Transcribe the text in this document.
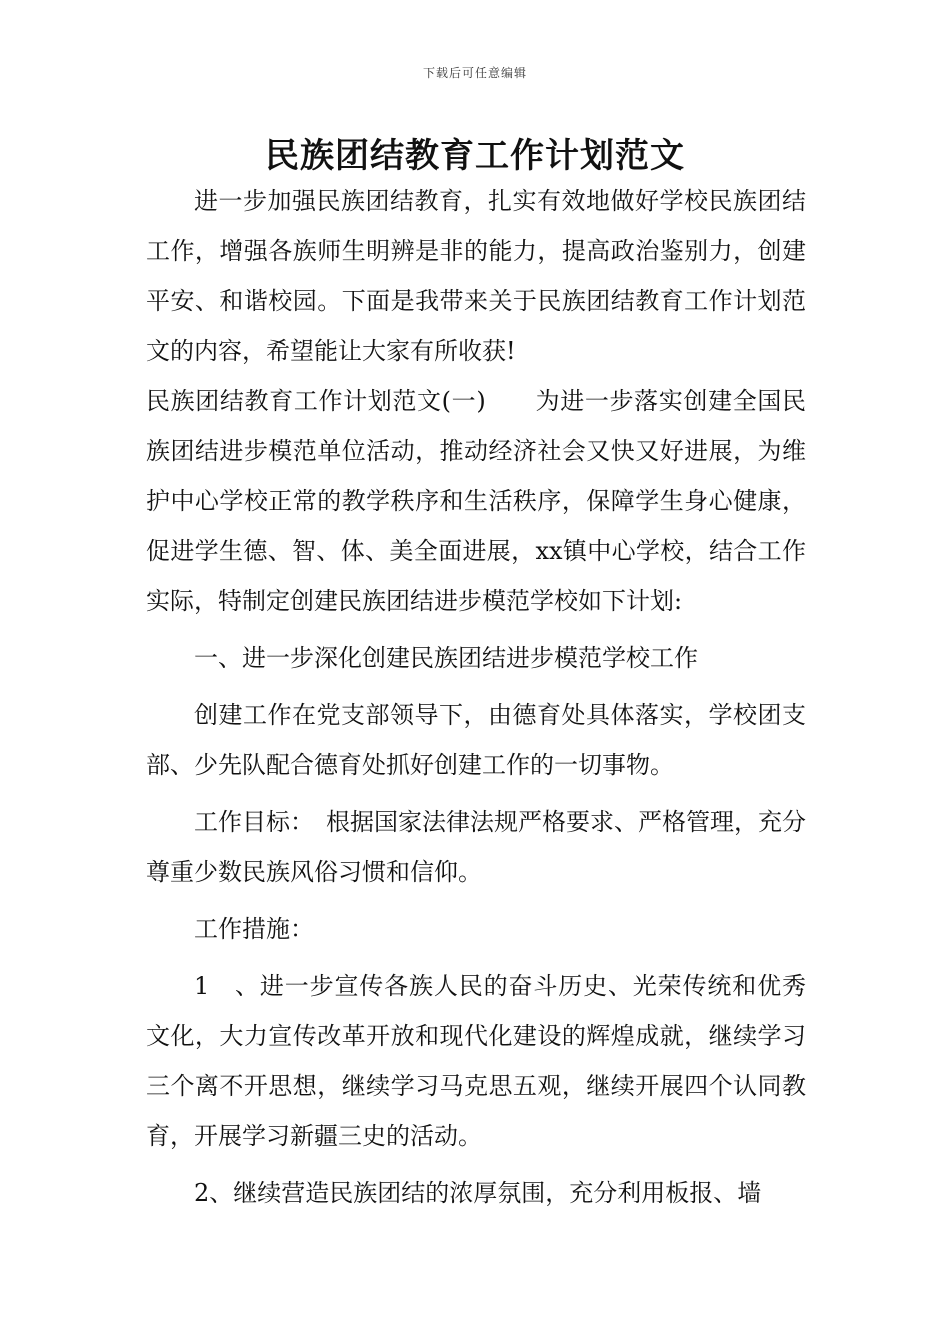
下载后可任意编辑
民族团结教育工作计划范文

进一步加强民族团结教育，扎实有效地做好学校民族团结工作，增强各族师生明辨是非的能力，提高政治鉴别力，创建平安、和谐校园。下面是我带来关于民族团结教育工作计划范文的内容，希望能让大家有所收获!

民族团结教育工作计划范文(一)　　为进一步落实创建全国民族团结进步模范单位活动，推动经济社会又快又好进展，为维护中心学校正常的教学秩序和生活秩序，保障学生身心健康，促进学生德、智、体、美全面进展，xx镇中心学校，结合工作实际，特制定创建民族团结进步模范学校如下计划:

一、进一步深化创建民族团结进步模范学校工作

创建工作在党支部领导下，由德育处具体落实，学校团支部、少先队配合德育处抓好创建工作的一切事物。

工作目标：　根据国家法律法规严格要求、严格管理，充分尊重少数民族风俗习惯和信仰。

工作措施：

1　、进一步宣传各族人民的奋斗历史、光荣传统和优秀文化，大力宣传改革开放和现代化建设的辉煌成就，继续学习三个离不开思想，继续学习马克思五观，继续开展四个认同教育，开展学习新疆三史的活动。

2、继续营造民族团结的浓厚氛围，充分利用板报、墙
